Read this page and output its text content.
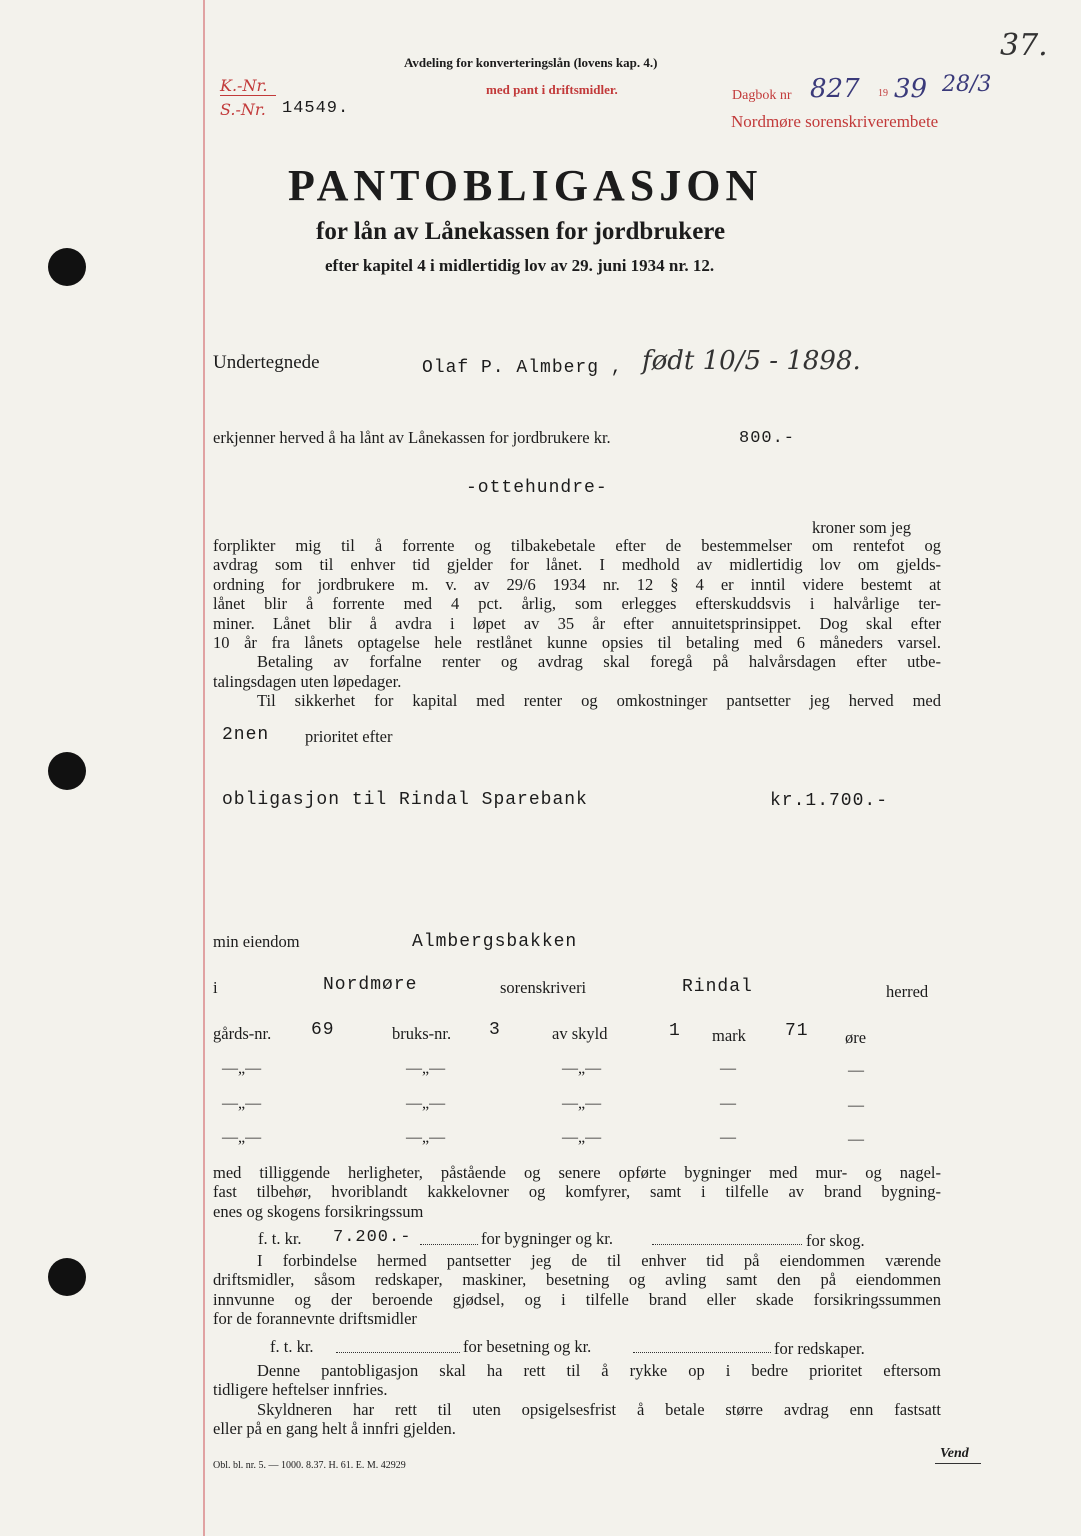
Avdeling for konverteringslån (lovens kap. 4.)
med pant i driftsmidler.
K.-Nr.
S.-Nr. 14549.
Dagbok nr 827 19 39 28/3
Nordmøre sorenskriverembete
37.
PANTOBLIGASJON
for lån av Lånekassen for jordbrukere
efter kapitel 4 i midlertidig lov av 29. juni 1934 nr. 12.
Undertegnede	Olaf P. Almberg , født 10/5 - 1898.
erkjenner herved å ha lånt av Lånekassen for jordbrukere kr.	800.-
-ottehundre-
kroner som jeg
forplikter mig til å forrente og tilbakebetale efter de bestemmelser om rentefot og
avdrag som til enhver tid gjelder for lånet. I medhold av midlertidig lov om gjelds-
ordning for jordbrukere m. v. av 29/6 1934 nr. 12 § 4 er inntil videre bestemt at
lånet blir å forrente med 4 pct. årlig, som erlegges efterskuddsvis i halvårlige ter-
miner. Lånet blir å avdra i løpet av 35 år efter annuitetsprinsippet. Dog skal efter
10 år fra lånets optagelse hele restlånet kunne opsies til betaling med 6 måneders varsel.
Betaling av forfalne renter og avdrag skal foregå på halvårsdagen efter utbe-
talingsdagen uten løpedager.
Til sikkerhet for kapital med renter og omkostninger pantsetter jeg herved med
2nen prioritet efter
obligasjon til Rindal Sparebank	kr.1.700.-
min eiendom	Almbergsbakken
i	Nordmøre	sorenskriveri	Rindal	herred
gårds-nr. 69	bruks-nr. 3	av skyld	1 mark 71 øre
—„—	—„—	—„—	—	—
—„—	—„—	—„—	—	—
—„—	—„—	—„—	—	—
med tilliggende herligheter, påstående og senere opførte bygninger med mur- og nagel-
fast tilbehør, hvoriblandt kakkelovner og komfyrer, samt i tilfelle av brand bygning-
enes og skogens forsikringssum
f. t. kr. 7.200.-	for bygninger og kr.	for skog.
I forbindelse hermed pantsetter jeg de til enhver tid på eiendommen værende
driftsmidler, såsom redskaper, maskiner, besetning og avling samt den på eiendommen
innvunne og der beroende gjødsel, og i tilfelle brand eller skade forsikringssummen
for de forannevnte driftsmidler
f. t. kr.	for besetning og kr.	for redskaper.
Denne pantobligasjon skal ha rett til å rykke op i bedre prioritet eftersom
tidligere heftelser innfries.
Skyldneren har rett til uten opsigelsesfrist å betale større avdrag enn fastsatt
eller på en gang helt å innfri gjelden.
Obl. bl. nr. 5. — 1000. 8.37. H. 61. E. M. 42929
Vend
